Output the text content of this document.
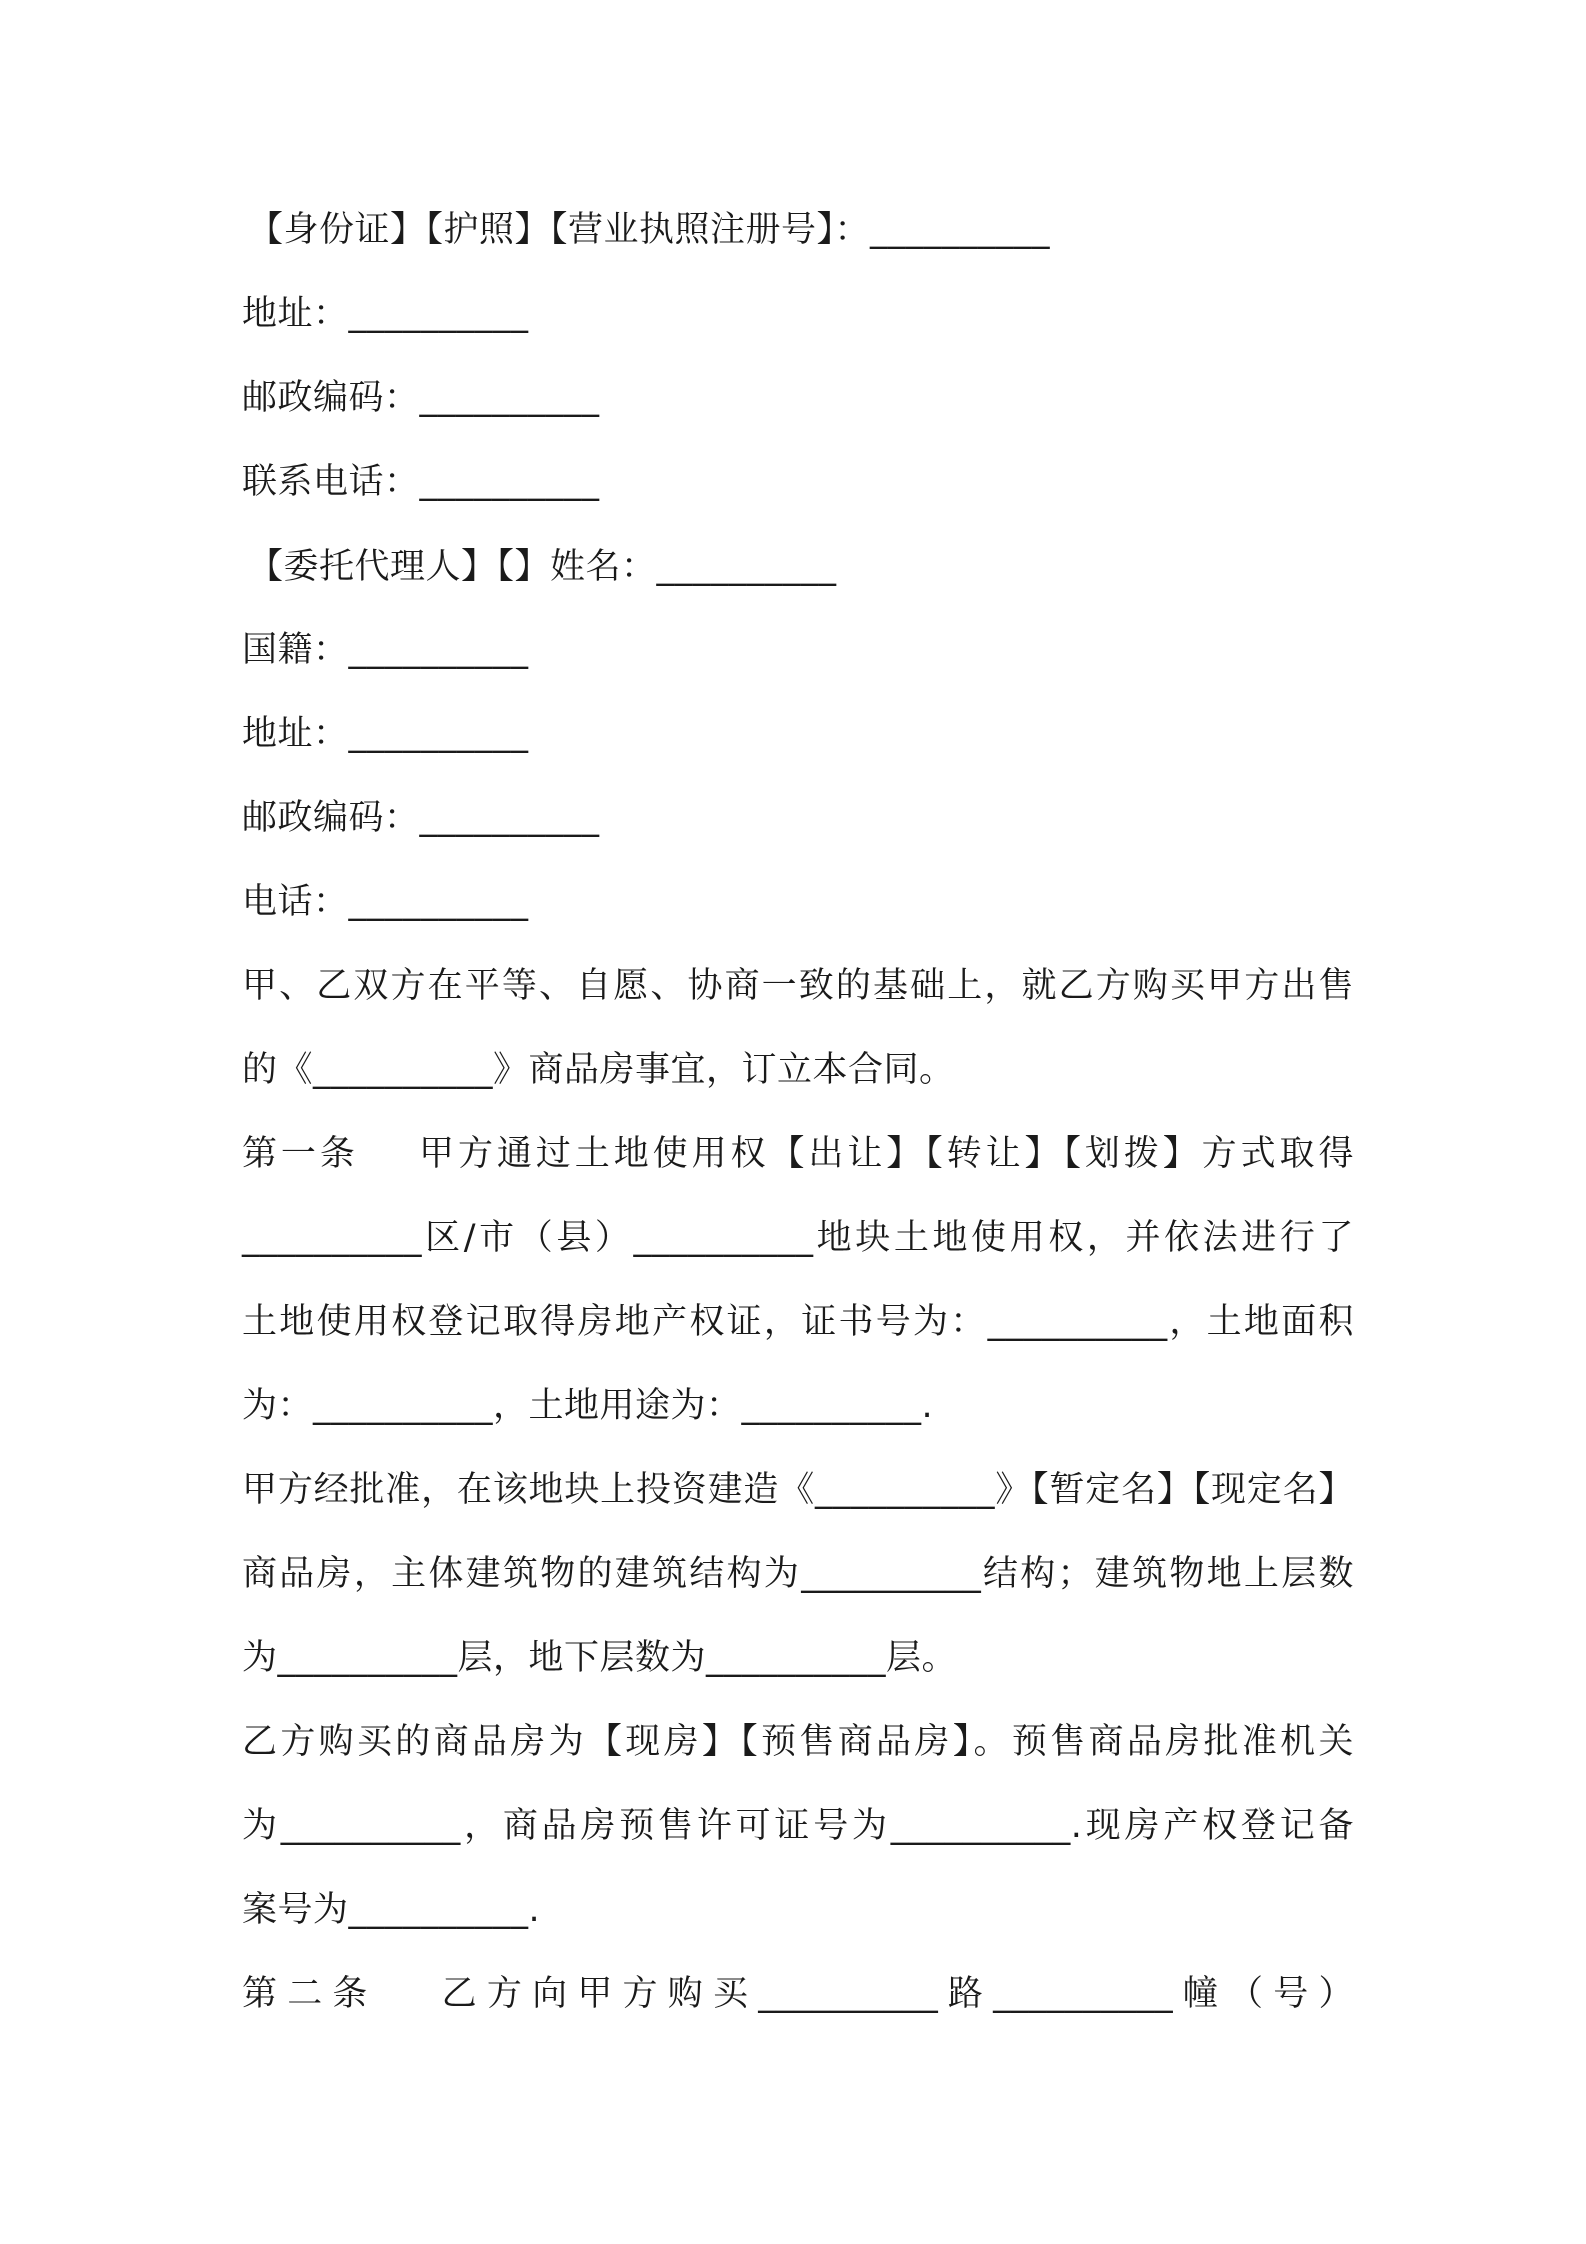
【身份证】【护照】【营业执照注册号】：__________
地址：__________
邮政编码：__________
联系电话：__________
【委托代理人】【】姓名：__________
国籍：__________
地址：__________
邮政编码：__________
电话：__________
甲、乙双方在平等、自愿、协商一致的基础上，就乙方购买甲方出售
的《__________》商品房事宜，订立本合同。
第一条    甲方通过土地使用权【出让】【转让】【划拨】方式取得
__________区/市（县）__________地块土地使用权，并依法进行了
土地使用权登记取得房地产权证，证书号为：__________，土地面积
为：__________，土地用途为：__________.
甲方经批准，在该地块上投资建造《__________》【暂定名】【现定名】
商品房，主体建筑物的建筑结构为__________结构；建筑物地上层数
为__________层，地下层数为__________层。
乙方购买的商品房为【现房】【预售商品房】。预售商品房批准机关
为__________，商品房预售许可证号为__________.现房产权登记备
案号为__________.
第二条   乙方向甲方购买__________路__________幢（号）
